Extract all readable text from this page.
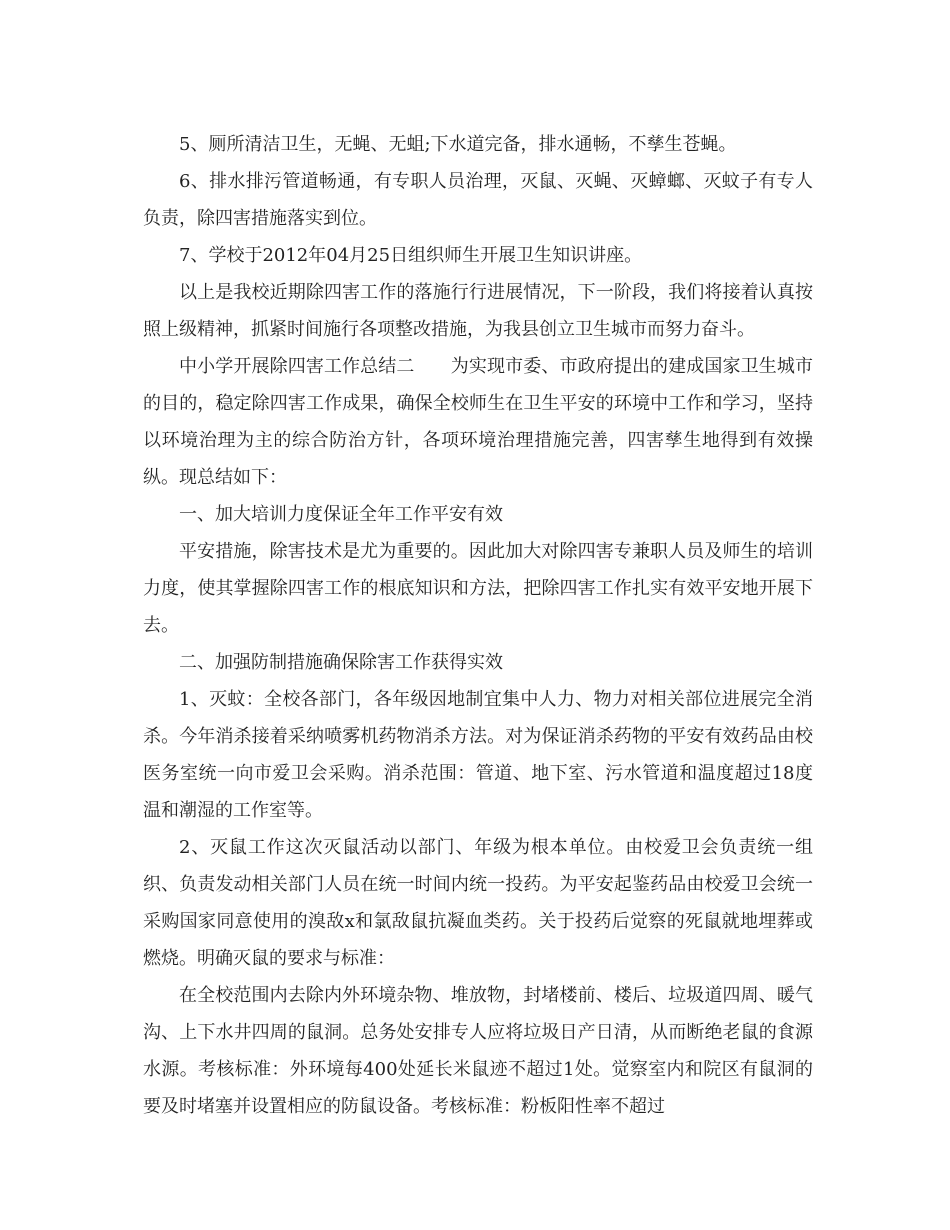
5、厕所清洁卫生，无蝇、无蛆;下水道完备，排水通畅，不孳生苍蝇。

6、排水排污管道畅通，有专职人员治理，灭鼠、灭蝇、灭蟑螂、灭蚊子有专人负责，除四害措施落实到位。

7、学校于2012年04月25日组织师生开展卫生知识讲座。

以上是我校近期除四害工作的落施行行进展情况，下一阶段，我们将接着认真按照上级精神，抓紧时间施行各项整改措施，为我县创立卫生城市而努力奋斗。

中小学开展除四害工作总结二　　为实现市委、市政府提出的建成国家卫生城市的目的，稳定除四害工作成果，确保全校师生在卫生平安的环境中工作和学习，坚持以环境治理为主的综合防治方针，各项环境治理措施完善，四害孳生地得到有效操纵。现总结如下：

一、加大培训力度保证全年工作平安有效

平安措施，除害技术是尤为重要的。因此加大对除四害专兼职人员及师生的培训力度，使其掌握除四害工作的根底知识和方法，把除四害工作扎实有效平安地开展下去。

二、加强防制措施确保除害工作获得实效

1、灭蚊：全校各部门，各年级因地制宜集中人力、物力对相关部位进展完全消杀。今年消杀接着采纳喷雾机药物消杀方法。对为保证消杀药物的平安有效药品由校医务室统一向市爱卫会采购。消杀范围：管道、地下室、污水管道和温度超过18度温和潮湿的工作室等。

2、灭鼠工作这次灭鼠活动以部门、年级为根本单位。由校爱卫会负责统一组织、负责发动相关部门人员在统一时间内统一投药。为平安起鉴药品由校爱卫会统一采购国家同意使用的溴敌x和氯敌鼠抗凝血类药。关于投药后觉察的死鼠就地埋葬或燃烧。明确灭鼠的要求与标准：

在全校范围内去除内外环境杂物、堆放物，封堵楼前、楼后、垃圾道四周、暖气沟、上下水井四周的鼠洞。总务处安排专人应将垃圾日产日清，从而断绝老鼠的食源水源。考核标准：外环境每400处延长米鼠迹不超过1处。觉察室内和院区有鼠洞的要及时堵塞并设置相应的防鼠设备。考核标准：粉板阳性率不超过
